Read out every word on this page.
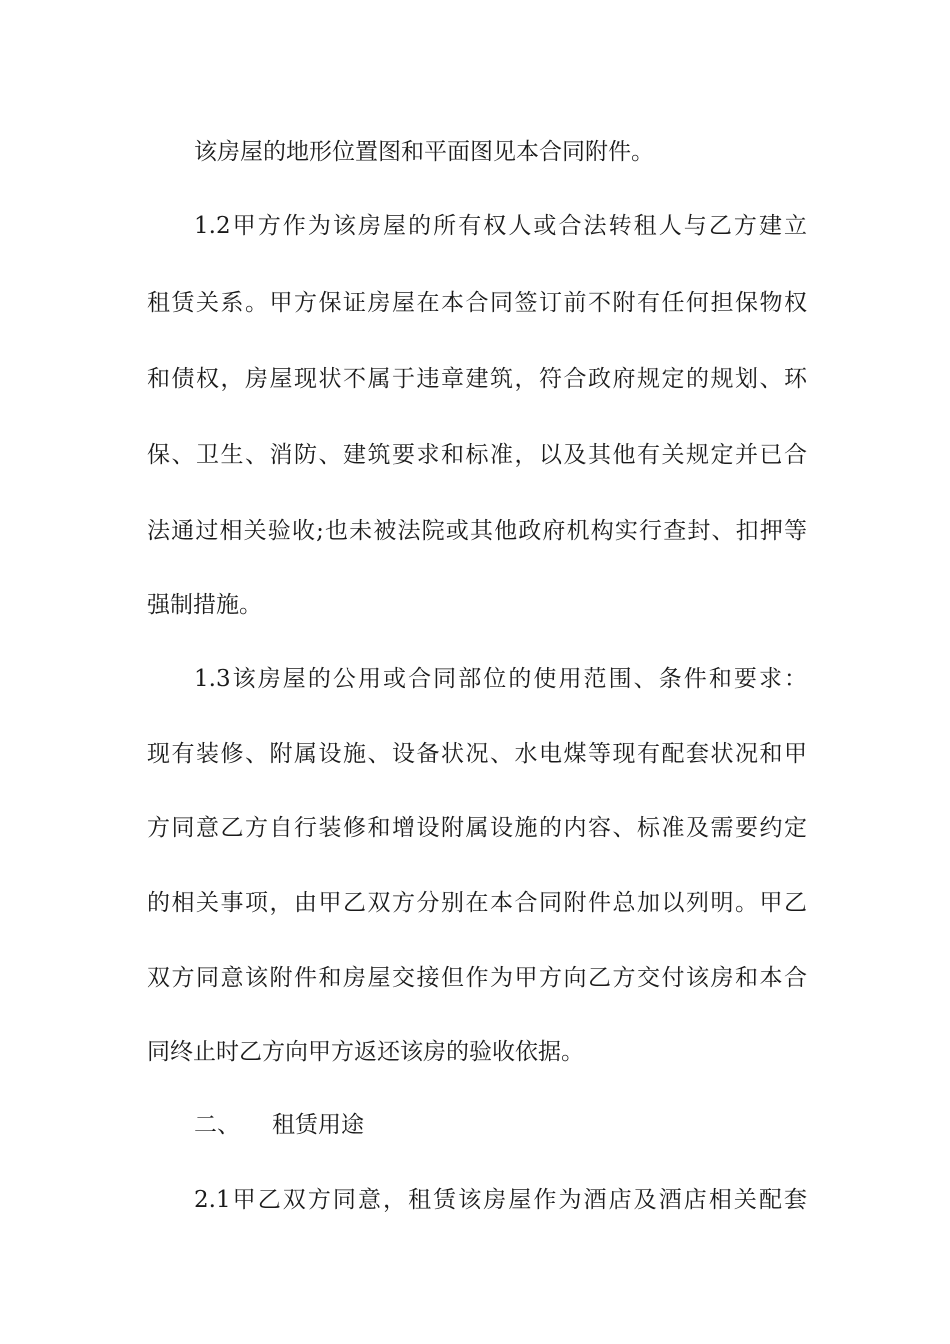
该房屋的地形位置图和平面图见本合同附件。

1.2甲方作为该房屋的所有权人或合法转租人与乙方建立

租赁关系。甲方保证房屋在本合同签订前不附有任何担保物权

和债权，房屋现状不属于违章建筑，符合政府规定的规划、环

保、卫生、消防、建筑要求和标准，以及其他有关规定并已合

法通过相关验收;也未被法院或其他政府机构实行查封、扣押等

强制措施。

1.3该房屋的公用或合同部位的使用范围、条件和要求：

现有装修、附属设施、设备状况、水电煤等现有配套状况和甲

方同意乙方自行装修和增设附属设施的内容、标准及需要约定

的相关事项，由甲乙双方分别在本合同附件总加以列明。甲乙

双方同意该附件和房屋交接但作为甲方向乙方交付该房和本合

同终止时乙方向甲方返还该房的验收依据。

二、 租赁用途

2.1甲乙双方同意，租赁该房屋作为酒店及酒店相关配套
